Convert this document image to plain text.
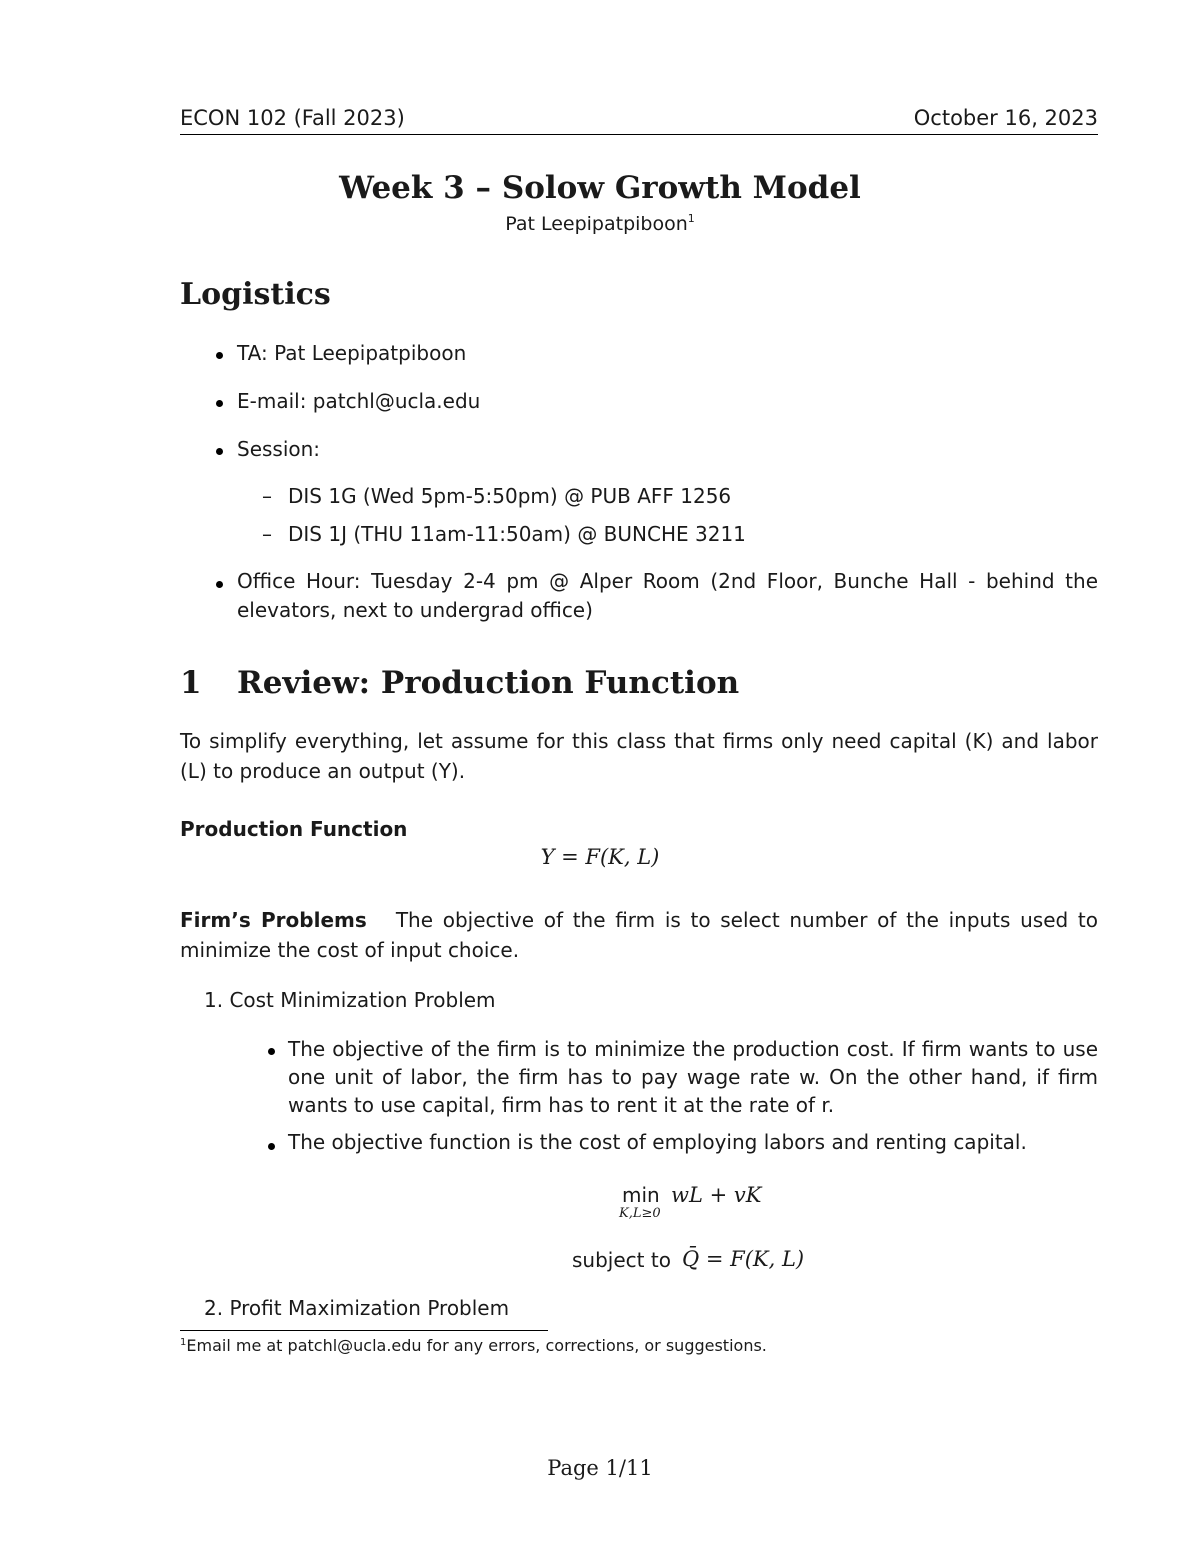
ECON 102 (Fall 2023)	October 16, 2023
Week 3 – Solow Growth Model
Pat Leepipatpiboon$^1$
Logistics
TA: Pat Leepipatpiboon
E-mail: patchl@ucla.edu
Session:
– DIS 1G (Wed 5pm-5:50pm) @ PUB AFF 1256
– DIS 1J (THU 11am-11:50am) @ BUNCHE 3211
Office Hour: Tuesday 2-4 pm @ Alper Room (2nd Floor, Bunche Hall - behind the
elevators, next to undergrad office)
1 Review: Production Function
To simplify everything, let assume for this class that firms only need capital (K) and labor (L) to produce an output (Y).
Production Function
Y = F(K, L)
Firm’s Problems The objective of the firm is to select number of the inputs used to minimize the cost of input choice.
1. Cost Minimization Problem
The objective of the firm is to minimize the production cost. If firm wants to use one unit of labor, the firm has to pay wage rate w. On the other hand, if firm wants to use capital, firm has to rent it at the rate of r.
The objective function is the cost of employing labors and renting capital.
min
K,L≥0
wL + vK
subject to Q̄ = F(K, L)
2. Profit Maximization Problem
$^1$Email me at patchl@ucla.edu for any errors, corrections, or suggestions.
Page 1/11
